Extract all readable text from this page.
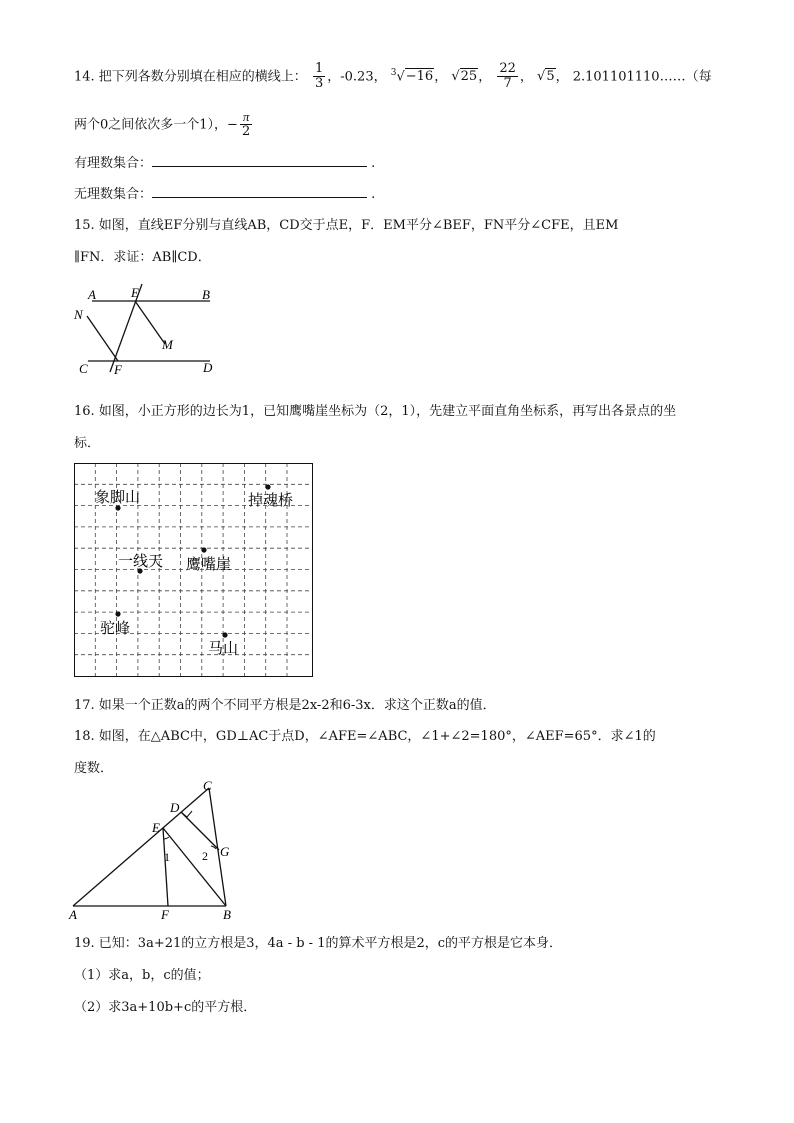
14. 把下列各数分别填在相应的横线上： $\frac{1}{3}$ ，-0.23， $^3$√−16， √25， $\frac{22}{7}$ ， √5， 2.101101110……（每
两个0之间依次多一个1），− $\frac{\pi}{2}$
有理数集合：	.
无理数集合：	.
15. 如图，直线EF分别与直线AB，CD交于点E，F．EM平分∠BEF，FN平分∠CFE，且EM
∥FN．求证：AB∥CD．
A	E	B
N
M
C F	D
16. 如图，小正方形的边长为1，已知鹰嘴崖坐标为（2，1），先建立平面直角坐标系，再写出各景点的坐
标．
象脚山	掉魂桥
一线天 鹰嘴崖
驼峰
马山
17. 如果一个正数a的两个不同平方根是2x-2和6-3x．求这个正数a的值．
18. 如图，在△ABC中，GD⊥AC于点D，∠AFE=∠ABC，∠1+∠2=180°，∠AEF=65°．求∠1的
度数．
C
D
E
1	2 G
A	F	B
19. 已知：3a+21的立方根是3，4a - b - 1的算术平方根是2，c的平方根是它本身．
（1）求a，b，c的值；
（2）求3a+10b+c的平方根．
